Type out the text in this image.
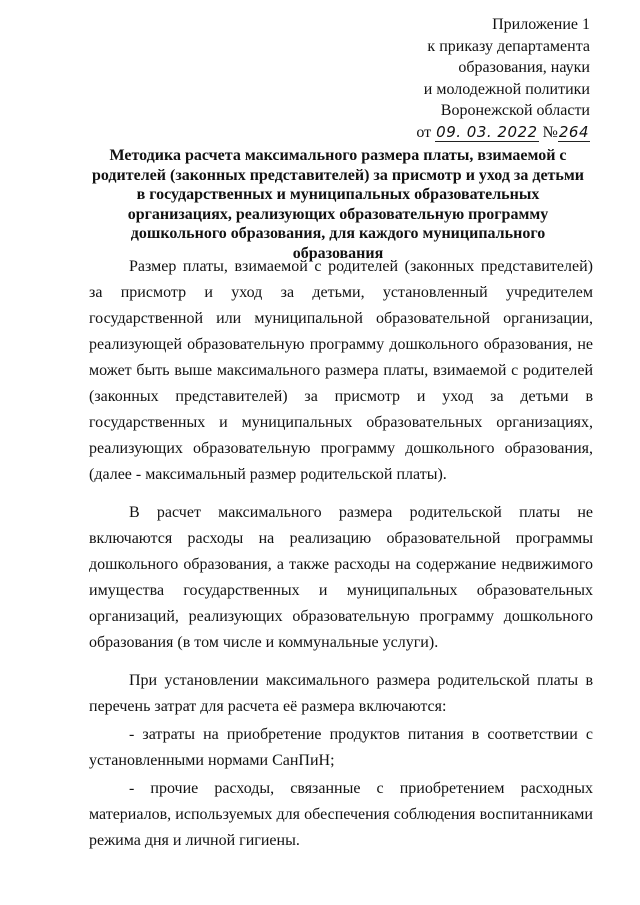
Приложение 1
к приказу департамента
образования, науки
и молодежной политики
Воронежской области
от 09. 03. 2022 №264
Методика расчета максимального размера платы, взимаемой с родителей (законных представителей) за присмотр и уход за детьми в государственных и муниципальных образовательных организациях, реализующих образовательную программу дошкольного образования, для каждого муниципального образования

Размер платы, взимаемой с родителей (законных представителей) за присмотр и уход за детьми, установленный учредителем государственной или муниципальной образовательной организации, реализующей образовательную программу дошкольного образования, не может быть выше максимального размера платы, взимаемой с родителей (законных представителей) за присмотр и уход за детьми в государственных и муниципальных образовательных организациях, реализующих образовательную программу дошкольного образования, (далее - максимальный размер родительской платы).

В расчет максимального размера родительской платы не включаются расходы на реализацию образовательной программы дошкольного образования, а также расходы на содержание недвижимого имущества государственных и муниципальных образовательных организаций, реализующих образовательную программу дошкольного образования (в том числе и коммунальные услуги).

При установлении максимального размера родительской платы в перечень затрат для расчета её размера включаются:

- затраты на приобретение продуктов питания в соответствии с установленными нормами СанПиН;

- прочие расходы, связанные с приобретением расходных материалов, используемых для обеспечения соблюдения воспитанниками режима дня и личной гигиены.
